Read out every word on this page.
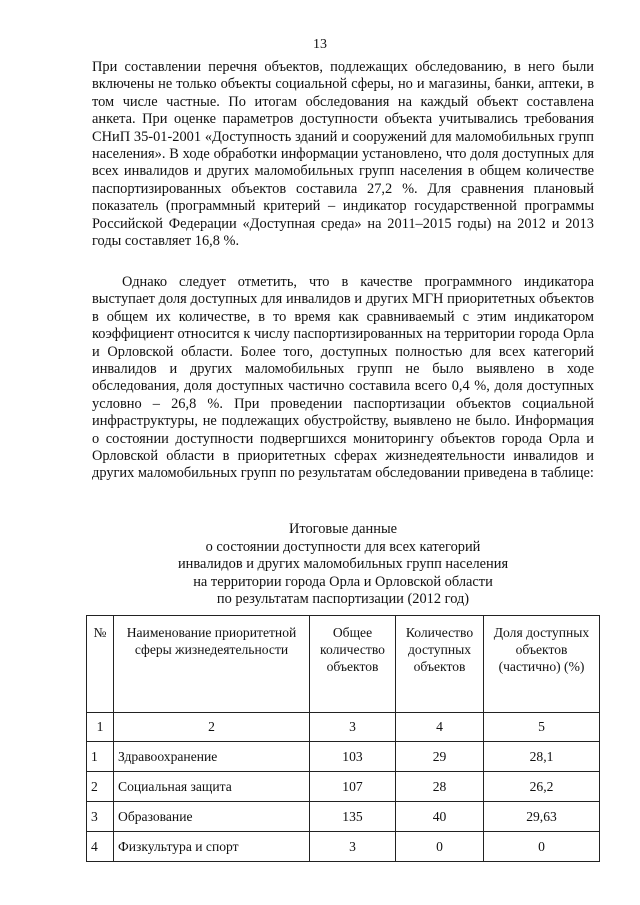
13

При составлении перечня объектов, подлежащих обследованию, в него были включены не только объекты социальной сферы, но и магазины, банки, аптеки, в том числе частные. По итогам обследования на каждый объект составлена анкета. При оценке параметров доступности объекта учитывались требования СНиП 35-01-2001 «Доступность зданий и сооружений для маломобильных групп населения». В ходе обработки информации установлено, что доля доступных для всех инвалидов и других маломобильных групп населения в общем количестве паспортизированных объектов составила 27,2 %. Для сравнения плановый показатель (программный критерий – индикатор государственной программы Российской Федерации «Доступная среда» на 2011–2015 годы) на 2012 и 2013 годы составляет 16,8 %.

Однако следует отметить, что в качестве программного индикатора выступает доля доступных для инвалидов и других МГН приоритетных объектов в общем их количестве, в то время как сравниваемый с этим индикатором коэффициент относится к числу паспортизированных на территории города Орла и Орловской области. Более того, доступных полностью для всех категорий инвалидов и других маломобильных групп не было выявлено в ходе обследования, доля доступных частично составила всего 0,4 %, доля доступных условно – 26,8 %. При проведении паспортизации объектов социальной инфраструктуры, не подлежащих обустройству, выявлено не было. Информация о состоянии доступности подвергшихся мониторингу объектов города Орла и Орловской области в приоритетных сферах жизнедеятельности инвалидов и других маломобильных групп по результатам обследовании приведена в таблице:

Итоговые данные
о состоянии доступности для всех категорий
инвалидов и других маломобильных групп населения
на территории города Орла и Орловской области
по результатам паспортизации (2012 год)
№	Наименование приоритетной сферы жизнедеятельности	Общее количество объектов	Количество доступных объектов	Доля доступных объектов (частично) (%)
1	2	3	4	5
1	Здравоохранение	103	29	28,1
2	Социальная защита	107	28	26,2
3	Образование	135	40	29,63
4	Физкультура и спорт	3	0	0
